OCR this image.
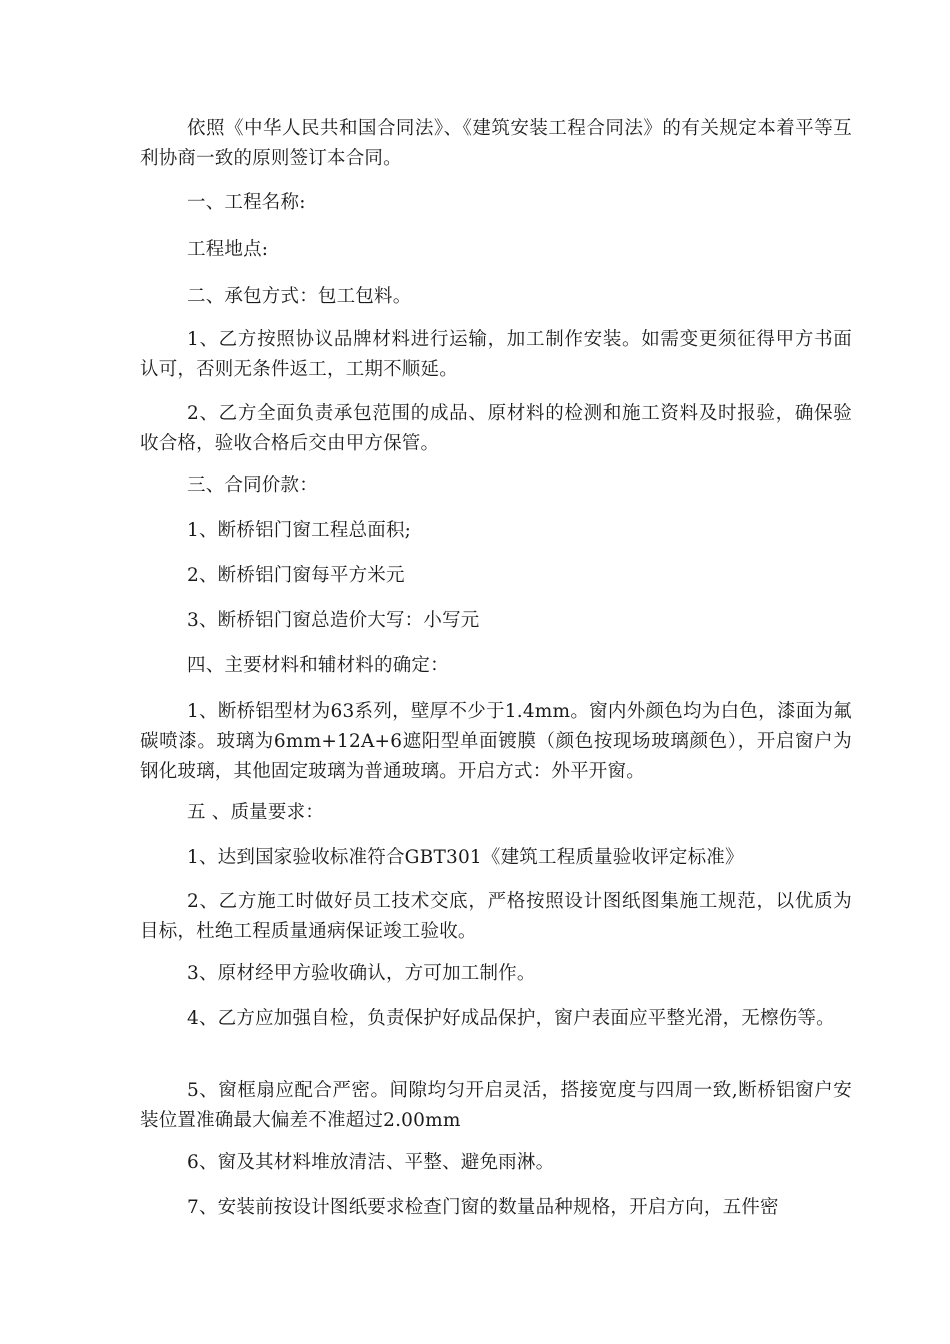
依照《中华人民共和国合同法》、《建筑安装工程合同法》的有关规定本着平等互利协商一致的原则签订本合同。

一、工程名称:

工程地点:

二、承包方式：包工包料。

1、乙方按照协议品牌材料进行运输，加工制作安装。如需变更须征得甲方书面认可，否则无条件返工，工期不顺延。

2、乙方全面负责承包范围的成品、原材料的检测和施工资料及时报验，确保验收合格，验收合格后交由甲方保管。

三、合同价款：

1、断桥铝门窗工程总面积;

2、断桥铝门窗每平方米元

3、断桥铝门窗总造价大写：小写元

四、主要材料和辅材料的确定：

1、断桥铝型材为63系列，壁厚不少于1.4mm。窗内外颜色均为白色，漆面为氟碳喷漆。玻璃为6mm+12A+6遮阳型单面镀膜（颜色按现场玻璃颜色），开启窗户为钢化玻璃，其他固定玻璃为普通玻璃。开启方式：外平开窗。

五 、质量要求：

1、达到国家验收标准符合GBT301《建筑工程质量验收评定标准》

2、乙方施工时做好员工技术交底，严格按照设计图纸图集施工规范，以优质为目标，杜绝工程质量通病保证竣工验收。

3、原材经甲方验收确认，方可加工制作。

4、乙方应加强自检，负责保护好成品保护，窗户表面应平整光滑，无檫伤等。

5、窗框扇应配合严密。间隙均匀开启灵活，搭接宽度与四周一致,断桥铝窗户安装位置准确最大偏差不准超过2.00mm

6、窗及其材料堆放清洁、平整、避免雨淋。

7、安装前按设计图纸要求检查门窗的数量品种规格，开启方向，五件密
